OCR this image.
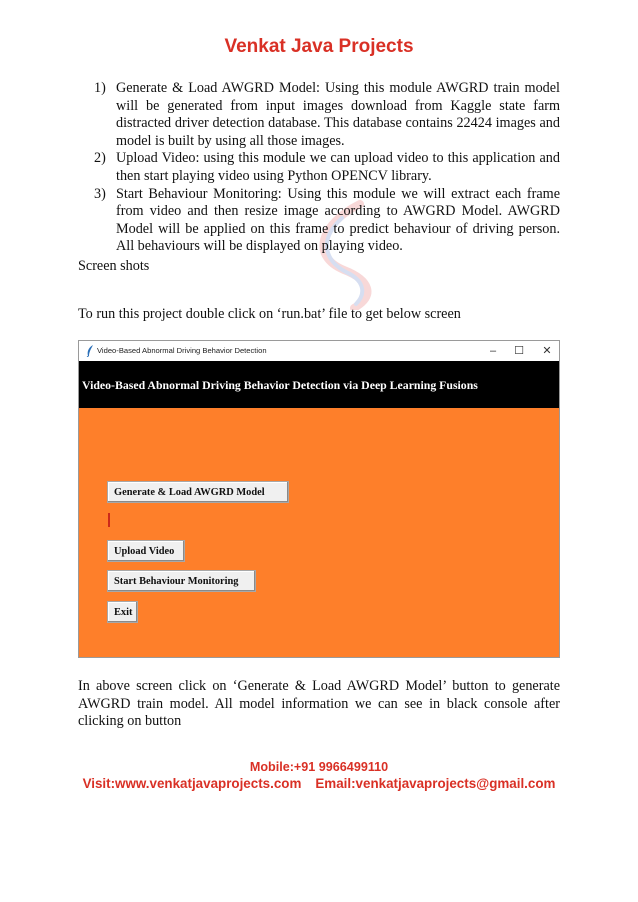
Venkat Java Projects
1) Generate & Load AWGRD Model: Using this module AWGRD train model will be generated from input images download from Kaggle state farm distracted driver detection database. This database contains 22424 images and model is built by using all those images.
2) Upload Video: using this module we can upload video to this application and then start playing video using Python OPENCV library.
3) Start Behaviour Monitoring: Using this module we will extract each frame from video and then resize image according to AWGRD Model. AWGRD Model will be applied on this frame to predict behaviour of driving person. All behaviours will be displayed on playing video.

Screen shots

To run this project double click on ‘run.bat’ file to get below screen

Video-Based Abnormal Driving Behavior Detection	–	☐	✕
Video-Based Abnormal Driving Behavior Detection via Deep Learning Fusions
Generate & Load AWGRD Model
Upload Video
Start Behaviour Monitoring
Exit

In above screen click on ‘Generate & Load AWGRD Model’ button to generate AWGRD train model. All model information we can see in black console after clicking on button

Mobile:+91 9966499110
Visit:www.venkatjavaprojects.com Email:venkatjavaprojects@gmail.com
